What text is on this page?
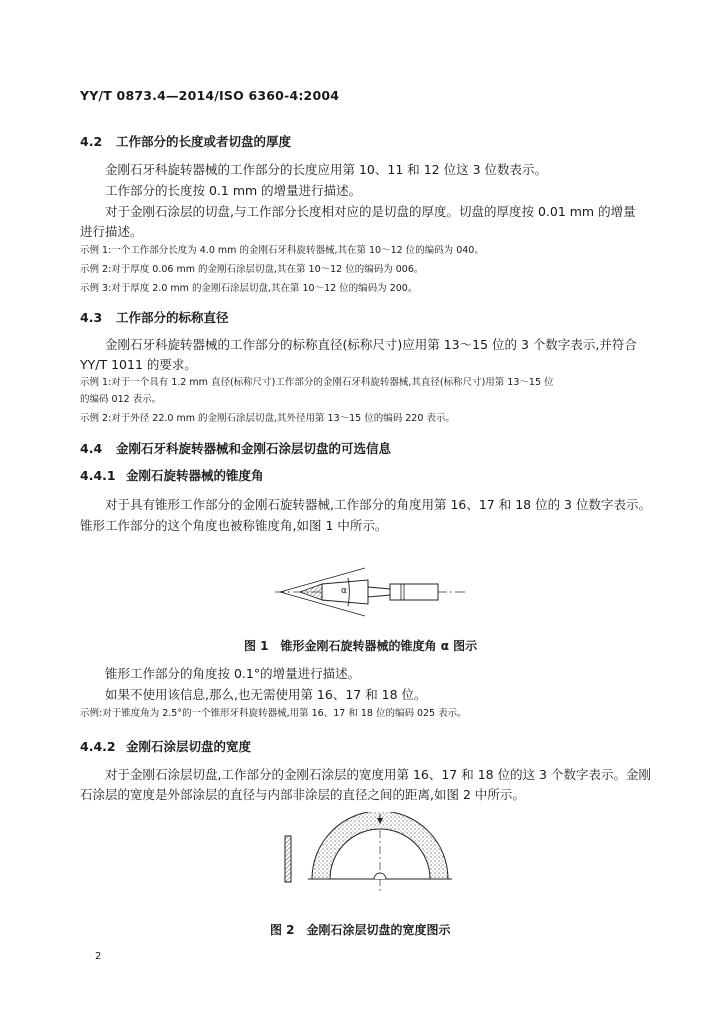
YY/T 0873.4—2014/ISO 6360-4:2004
4.2 工作部分的长度或者切盘的厚度
金刚石牙科旋转器械的工作部分的长度应用第 10、11 和 12 位这 3 位数表示。
工作部分的长度按 0.1 mm 的增量进行描述。
对于金刚石涂层的切盘,与工作部分长度相对应的是切盘的厚度。切盘的厚度按 0.01 mm 的增量
进行描述。
示例 1:一个工作部分长度为 4.0 mm 的金刚石牙科旋转器械,其在第 10～12 位的编码为 040。
示例 2:对于厚度 0.06 mm 的金刚石涂层切盘,其在第 10～12 位的编码为 006。
示例 3:对于厚度 2.0 mm 的金刚石涂层切盘,其在第 10～12 位的编码为 200。
4.3 工作部分的标称直径
金刚石牙科旋转器械的工作部分的标称直径(标称尺寸)应用第 13～15 位的 3 个数字表示,并符合
YY/T 1011 的要求。
示例 1:对于一个具有 1.2 mm 直径(标称尺寸)工作部分的金刚石牙科旋转器械,其直径(标称尺寸)用第 13～15 位
的编码 012 表示。
示例 2:对于外径 22.0 mm 的金刚石涂层切盘,其外径用第 13～15 位的编码 220 表示。
4.4 金刚石牙科旋转器械和金刚石涂层切盘的可选信息
4.4.1 金刚石旋转器械的锥度角
对于具有锥形工作部分的金刚石旋转器械,工作部分的角度用第 16、17 和 18 位的 3 位数字表示。
锥形工作部分的这个角度也被称锥度角,如图 1 中所示。
α
图 1　锥形金刚石旋转器械的锥度角 α 图示
锥形工作部分的角度按 0.1°的增量进行描述。
如果不使用该信息,那么,也无需使用第 16、17 和 18 位。
示例:对于锥度角为 2.5°的一个锥形牙科旋转器械,用第 16、17 和 18 位的编码 025 表示。
4.4.2 金刚石涂层切盘的宽度
对于金刚石涂层切盘,工作部分的金刚石涂层的宽度用第 16、17 和 18 位的这 3 个数字表示。金刚
石涂层的宽度是外部涂层的直径与内部非涂层的直径之间的距离,如图 2 中所示。
图 2　金刚石涂层切盘的宽度图示
2
